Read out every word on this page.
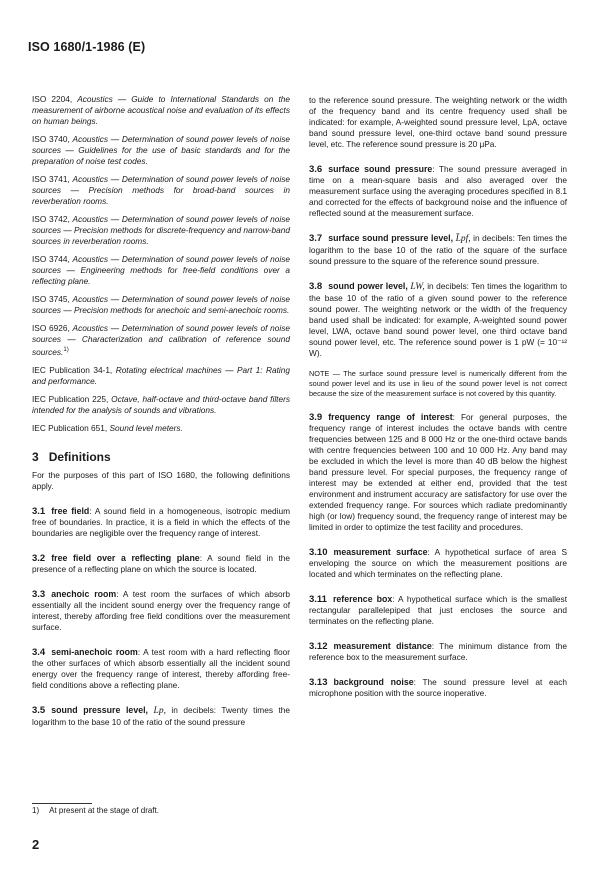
ISO 1680/1-1986 (E)

ISO 2204, Acoustics — Guide to International Standards on the measurement of airborne acoustical noise and evaluation of its effects on human beings.

ISO 3740, Acoustics — Determination of sound power levels of noise sources — Guidelines for the use of basic standards and for the preparation of noise test codes.

ISO 3741, Acoustics — Determination of sound power levels of noise sources — Precision methods for broad-band sources in reverberation rooms.

ISO 3742, Acoustics — Determination of sound power levels of noise sources — Precision methods for discrete-frequency and narrow-band sources in reverberation rooms.

ISO 3744, Acoustics — Determination of sound power levels of noise sources — Engineering methods for free-field conditions over a reflecting plane.

ISO 3745, Acoustics — Determination of sound power levels of noise sources — Precision methods for anechoic and semi-anechoic rooms.

ISO 6926, Acoustics — Determination of sound power levels of noise sources — Characterization and calibration of reference sound sources.$^{1)}$

IEC Publication 34-1, Rotating electrical machines — Part 1: Rating and performance.

IEC Publication 225, Octave, half-octave and third-octave band filters intended for the analysis of sounds and vibrations.

IEC Publication 651, Sound level meters.

3 Definitions

For the purposes of this part of ISO 1680, the following definitions apply.

3.1 free field: A sound field in a homogeneous, isotropic medium free of boundaries. In practice, it is a field in which the effects of the boundaries are negligible over the frequency range of interest.

3.2 free field over a reflecting plane: A sound field in the presence of a reflecting plane on which the source is located.

3.3 anechoic room: A test room the surfaces of which absorb essentially all the incident sound energy over the frequency range of interest, thereby affording free field conditions over the measurement surface.

3.4 semi-anechoic room: A test room with a hard reflecting floor the other surfaces of which absorb essentially all the incident sound energy over the frequency range of interest, thereby affording free-field conditions above a reflecting plane.

3.5 sound pressure level, Lp, in decibels: Twenty times the logarithm to the base 10 of the ratio of the sound pressure

to the reference sound pressure. The weighting network or the width of the frequency band and its centre frequency used shall be indicated: for example, A-weighted sound pressure level, LpA, octave band sound pressure level, one-third octave band sound pressure level, etc. The reference sound pressure is 20 μPa.

3.6 surface sound pressure: The sound pressure averaged in time on a mean-square basis and also averaged over the measurement surface using the averaging procedures specified in 8.1 and corrected for the effects of background noise and the influence of reflected sound at the measurement surface.

3.7 surface sound pressure level, L̄pf, in decibels: Ten times the logarithm to the base 10 of the ratio of the square of the surface sound pressure to the square of the reference sound pressure.

3.8 sound power level, LW, in decibels: Ten times the logarithm to the base 10 of the ratio of a given sound power to the reference sound power. The weighting network or the width of the frequency band used shall be indicated: for example, A-weighted sound power level, LWA, octave band sound power level, one third octave band sound power level, etc. The reference sound power is 1 pW (= 10⁻¹² W).

NOTE — The surface sound pressure level is numerically different from the sound power level and its use in lieu of the sound power level is not correct because the size of the measurement surface is not covered by this quantity.

3.9 frequency range of interest: For general purposes, the frequency range of interest includes the octave bands with centre frequencies between 125 and 8 000 Hz or the one-third octave bands with centre frequencies between 100 and 10 000 Hz. Any band may be excluded in which the level is more than 40 dB below the highest band pressure level. For special purposes, the frequency range of interest may be extended at either end, provided that the test environment and instrument accuracy are satisfactory for use over the extended frequency range. For sources which radiate predominantly high (or low) frequency sound, the frequency range of interest may be limited in order to optimize the test facility and procedures.

3.10 measurement surface: A hypothetical surface of area S enveloping the source on which the measurement positions are located and which terminates on the reflecting plane.

3.11 reference box: A hypothetical surface which is the smallest rectangular parallelepiped that just encloses the source and terminates on the reflecting plane.

3.12 measurement distance: The minimum distance from the reference box to the measurement surface.

3.13 background noise: The sound pressure level at each microphone position with the source inoperative.

1) At present at the stage of draft.
2
